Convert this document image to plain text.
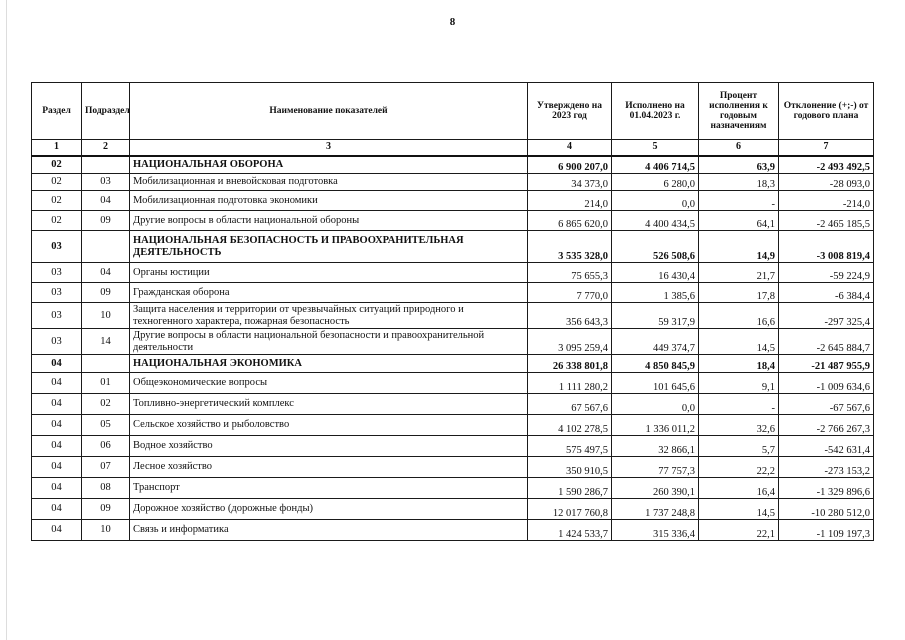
8
Раздел	Подраздел	Наименование показателей	Утверждено на 2023 год	Исполнено на 01.04.2023 г.	Процент исполнения к годовым назначениям	Отклонение (+;-) от годового плана
1	2	3	4	5	6	7
02		НАЦИОНАЛЬНАЯ ОБОРОНА	6 900 207,0	4 406 714,5	63,9	-2 493 492,5
02	03	Мобилизационная и вневойсковая подготовка	34 373,0	6 280,0	18,3	-28 093,0
02	04	Мобилизационная подготовка экономики	214,0	0,0	-	-214,0
02	09	Другие вопросы в области национальной обороны	6 865 620,0	4 400 434,5	64,1	-2 465 185,5
03		НАЦИОНАЛЬНАЯ БЕЗОПАСНОСТЬ И ПРАВООХРАНИТЕЛЬНАЯ ДЕЯТЕЛЬНОСТЬ	3 535 328,0	526 508,6	14,9	-3 008 819,4
03	04	Органы юстиции	75 655,3	16 430,4	21,7	-59 224,9
03	09	Гражданская оборона	7 770,0	1 385,6	17,8	-6 384,4
03	10	Защита населения и территории от чрезвычайных ситуаций природного и техногенного характера, пожарная безопасность	356 643,3	59 317,9	16,6	-297 325,4
03	14	Другие вопросы в области национальной безопасности и правоохранительной деятельности	3 095 259,4	449 374,7	14,5	-2 645 884,7
04		НАЦИОНАЛЬНАЯ ЭКОНОМИКА	26 338 801,8	4 850 845,9	18,4	-21 487 955,9
04	01	Общеэкономические вопросы	1 111 280,2	101 645,6	9,1	-1 009 634,6
04	02	Топливно-энергетический комплекс	67 567,6	0,0	-	-67 567,6
04	05	Сельское хозяйство и рыболовство	4 102 278,5	1 336 011,2	32,6	-2 766 267,3
04	06	Водное хозяйство	575 497,5	32 866,1	5,7	-542 631,4
04	07	Лесное хозяйство	350 910,5	77 757,3	22,2	-273 153,2
04	08	Транспорт	1 590 286,7	260 390,1	16,4	-1 329 896,6
04	09	Дорожное хозяйство (дорожные фонды)	12 017 760,8	1 737 248,8	14,5	-10 280 512,0
04	10	Связь и информатика	1 424 533,7	315 336,4	22,1	-1 109 197,3
